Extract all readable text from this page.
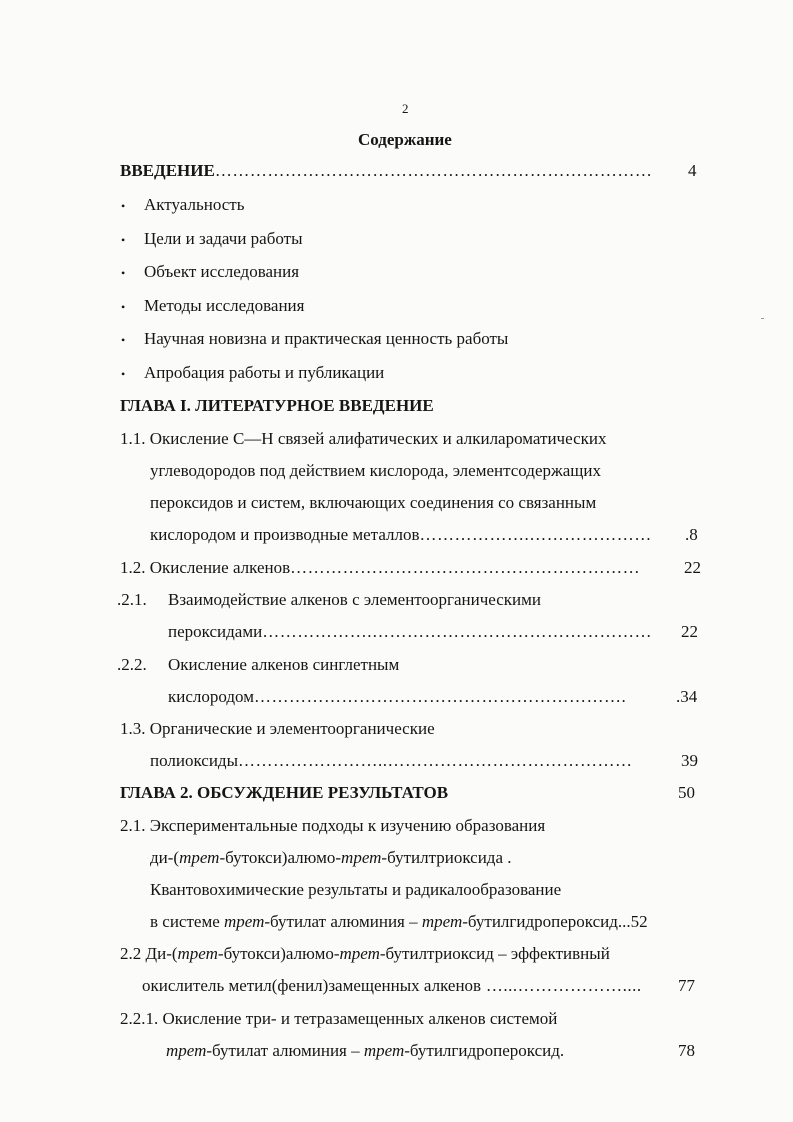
2
Содержание
ВВЕДЕНИЕ………………………………………………………………… 4
• Актуальность
• Цели и задачи работы
• Объект исследования
• Методы исследования
• Научная новизна и практическая ценность работы
• Апробация работы и публикации
ГЛАВА I. ЛИТЕРАТУРНОЕ ВВЕДЕНИЕ
1.1. Окисление С—Н связей алифатических и алкилароматических
углеводородов под действием кислорода, элементсодержащих
пероксидов и систем, включающих соединения со связанным
кислородом и производные металлов……………….………………… .8
1.2. Окисление алкенов……………………………………………………	22
.2.1. Взаимодействие алкенов с элементоорганическими
пероксидами……………….………………………………………… 22
.2.2. Окисление алкенов синглетным
кислородом……………………………………………………….	.34
1.3. Органические и элементоорганические
полиоксиды……………………..……………………………………	39
ГЛАВА 2. ОБСУЖДЕНИЕ РЕЗУЛЬТАТОВ	50
2.1. Экспериментальные подходы к изучению образования
ди-(трет-бутокси)алюмо-трет-бутилтриоксида .
Квантовохимические результаты и радикалообразование
в системе трет-бутилат алюминия – трет-бутилгидропероксид...52
2.2 Ди-(трет-бутокси)алюмо-трет-бутилтриоксид – эффективный
окислитель метил(фенил)замещенных алкенов …...……………….... 77
2.2.1. Окисление три- и тетразамещенных алкенов системой
трет-бутилат алюминия – трет-бутилгидропероксид.	78
